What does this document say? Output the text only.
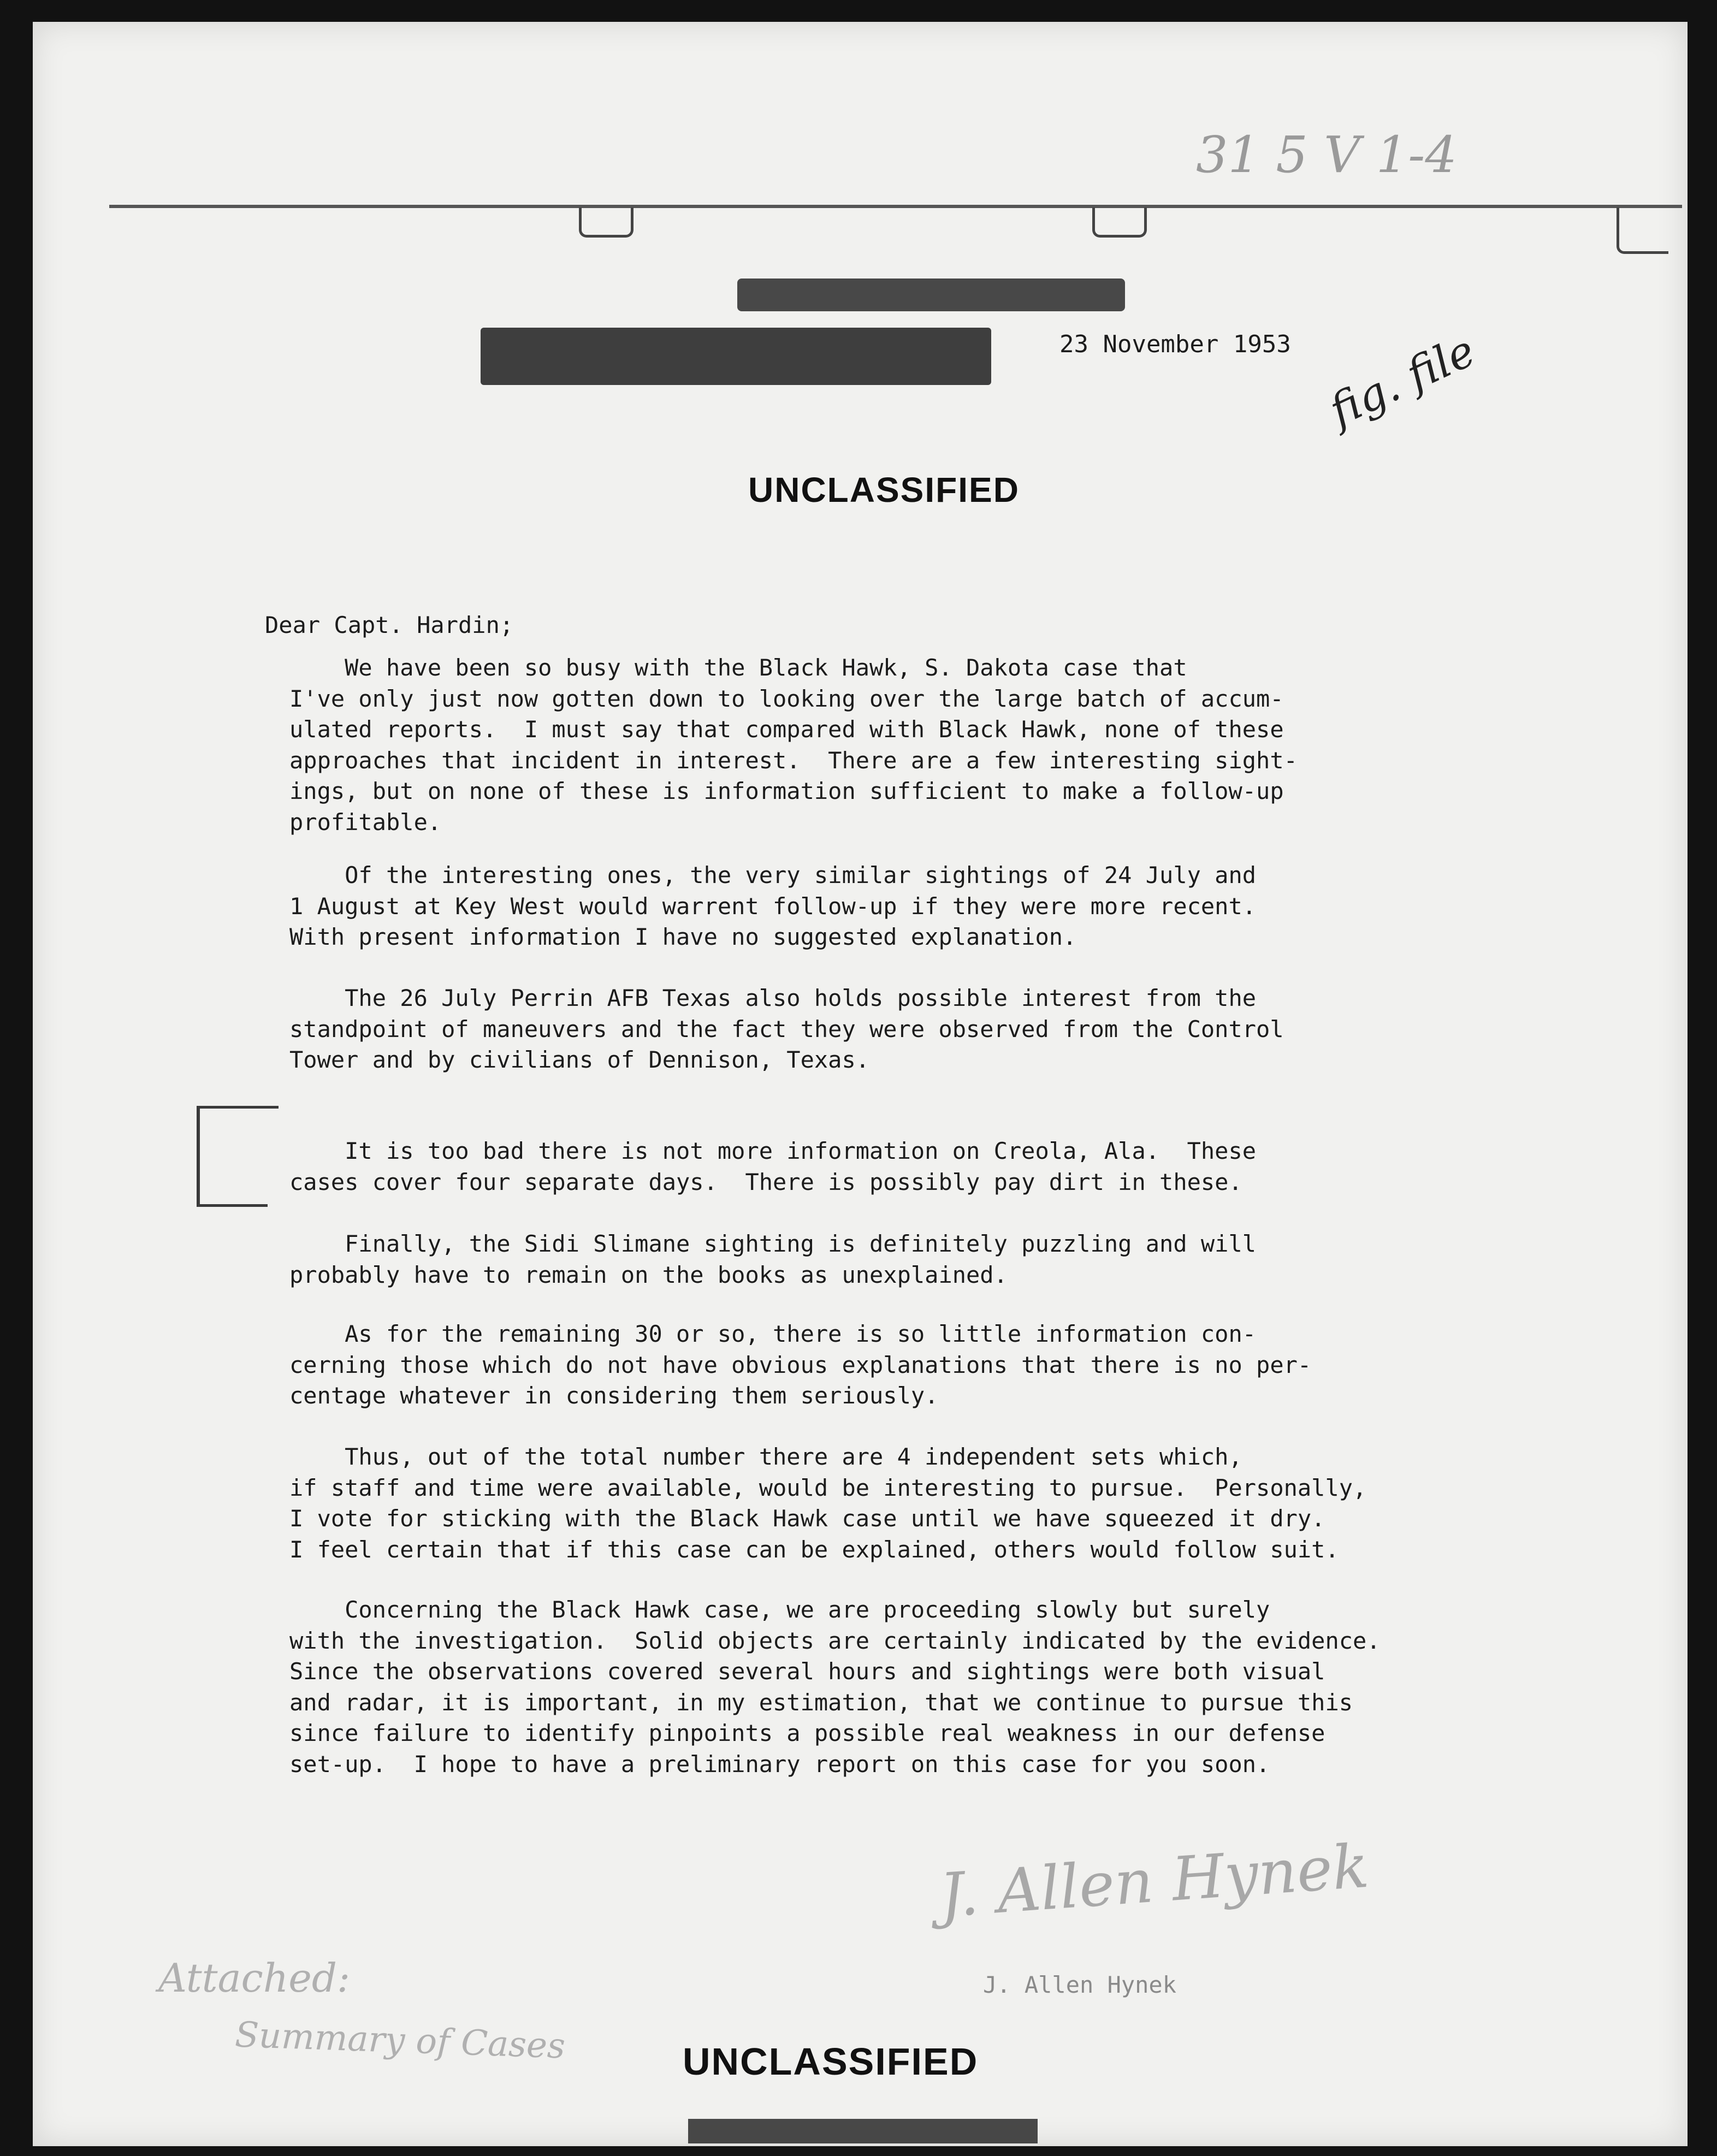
31 5 V 1-4
23 November 1953 fig. file
UNCLASSIFIED
Dear Capt. Hardin;
We have been so busy with the Black Hawk, S. Dakota case that
I've only just now gotten down to looking over the large batch of accum-
ulated reports.  I must say that compared with Black Hawk, none of these
approaches that incident in interest.  There are a few interesting sight-
ings, but on none of these is information sufficient to make a follow-up
profitable.
Of the interesting ones, the very similar sightings of 24 July and
1 August at Key West would warrent follow-up if they were more recent.
With present information I have no suggested explanation.
The 26 July Perrin AFB Texas also holds possible interest from the
standpoint of maneuvers and the fact they were observed from the Control
Tower and by civilians of Dennison, Texas.
It is too bad there is not more information on Creola, Ala.  These
cases cover four separate days.  There is possibly pay dirt in these.
Finally, the Sidi Slimane sighting is definitely puzzling and will
probably have to remain on the books as unexplained.
As for the remaining 30 or so, there is so little information con-
cerning those which do not have obvious explanations that there is no per-
centage whatever in considering them seriously.
Thus, out of the total number there are 4 independent sets which,
if staff and time were available, would be interesting to pursue.  Personally,
I vote for sticking with the Black Hawk case until we have squeezed it dry.
I feel certain that if this case can be explained, others would follow suit.
Concerning the Black Hawk case, we are proceeding slowly but surely
with the investigation.  Solid objects are certainly indicated by the evidence.
Since the observations covered several hours and sightings were both visual
and radar, it is important, in my estimation, that we continue to pursue this
since failure to identify pinpoints a possible real weakness in our defense
set-up.  I hope to have a preliminary report on this case for you soon.
J. Allen Hynek
J. Allen Hynek
Attached:
Summary of Cases	UNCLASSIFIED
